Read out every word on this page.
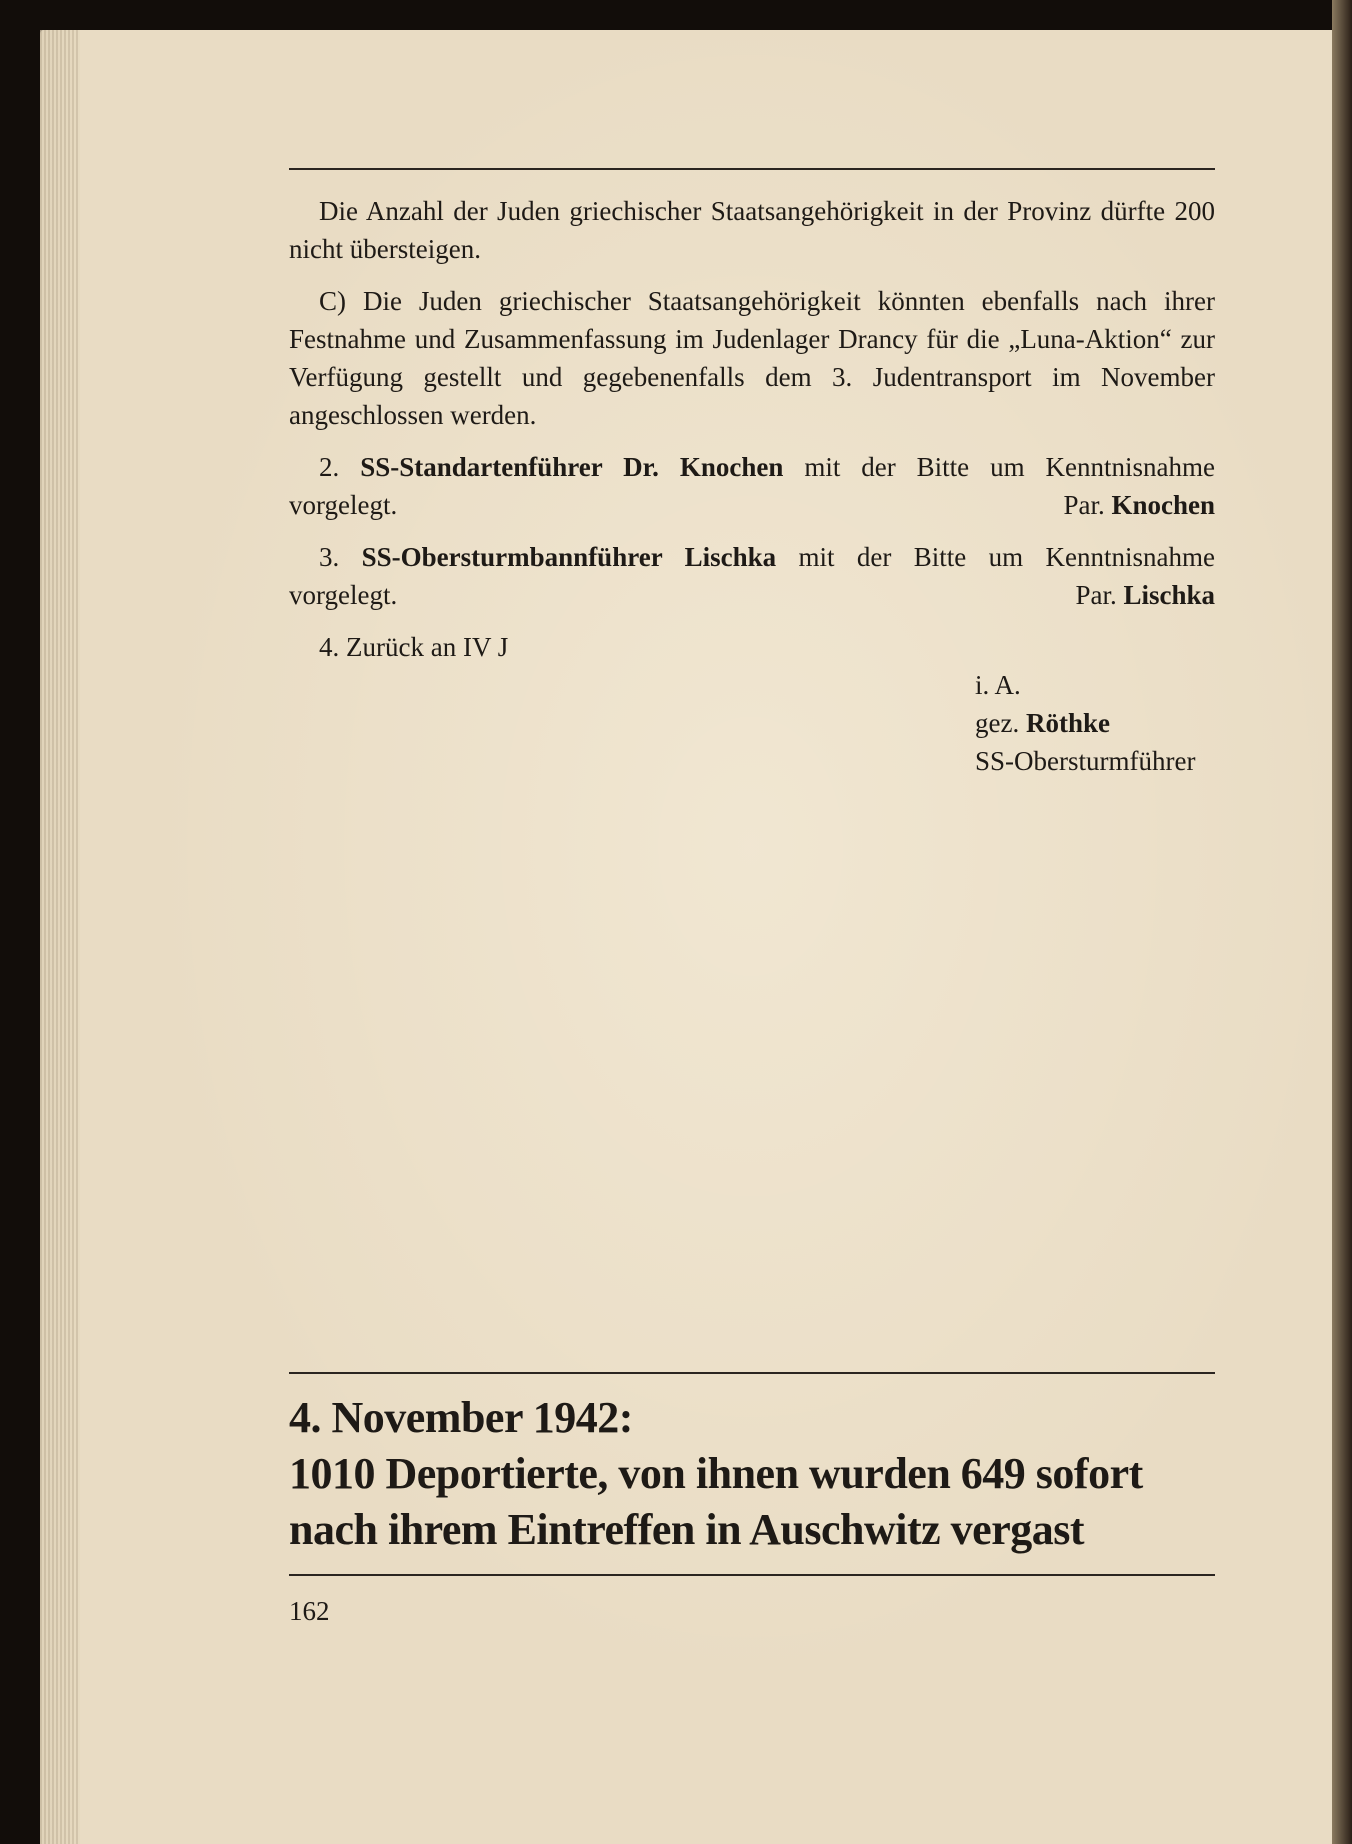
Die Anzahl der Juden griechischer Staatsangehörigkeit in der Provinz dürfte 200 nicht übersteigen.

C) Die Juden griechischer Staatsangehörigkeit könnten ebenfalls nach ihrer Festnahme und Zusammenfassung im Judenlager Drancy für die „Luna-Aktion“ zur Verfügung gestellt und gegebenenfalls dem 3. Judentransport im November angeschlossen werden.

2. SS-Standartenführer Dr. Knochen mit der Bitte um Kenntnisnahme vorgelegt.	Par. Knochen

3. SS-Obersturmbannführer Lischka mit der Bitte um Kenntnisnahme vorgelegt.	Par. Lischka

4. Zurück an IV J

i. A.
gez. Röthke
SS-Obersturmführer

4. November 1942:

1010 Deportierte, von ihnen wurden 649 sofort

nach ihrem Eintreffen in Auschwitz vergast

162
